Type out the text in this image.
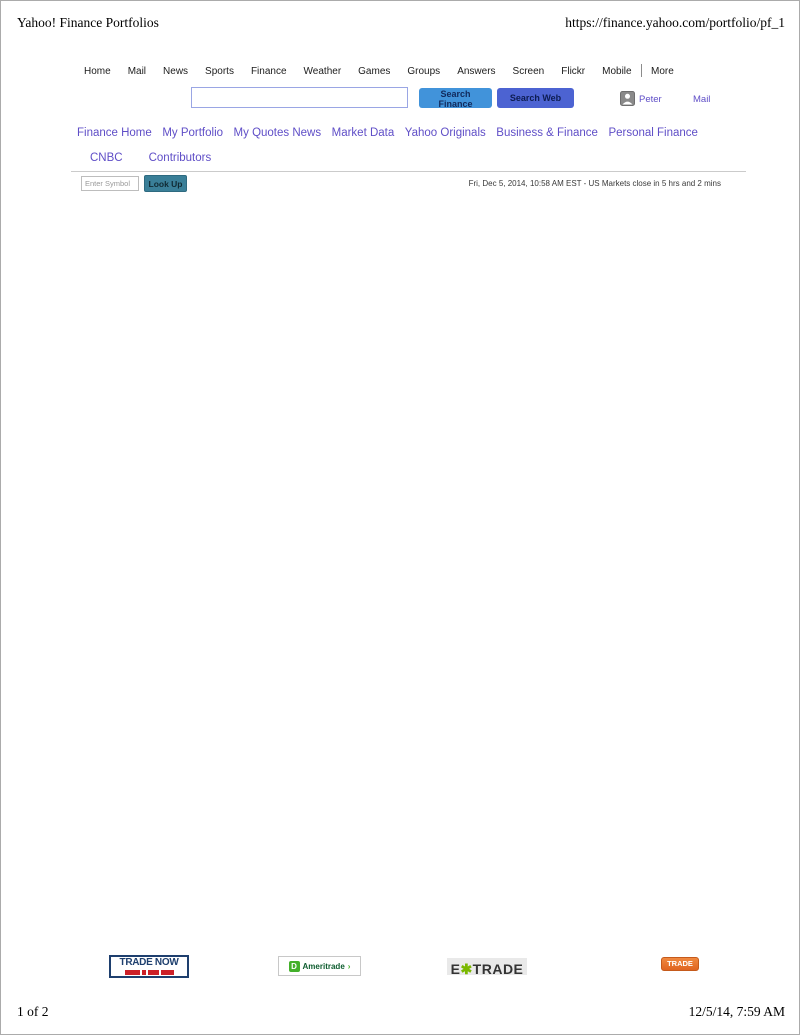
Yahoo! Finance Portfolios	https://finance.yahoo.com/portfolio/pf_1
Home Mail News Sports Finance Weather Games Groups Answers Screen Flickr Mobile More
Search Finance
Search Web	Peter	Mail
Finance Home My Portfolio My Quotes News Market Data Yahoo Originals Business & Finance Personal Finance
CNBC Contributors
Enter Symbol
Look Up	Fri, Dec 5, 2014, 10:58 AM EST - US Markets close in 5 hrs and 2 mins
TRADE NOW	D Ameritrade ›	E✱TRADE	TRADE
1 of 2	12/5/14, 7:59 AM
